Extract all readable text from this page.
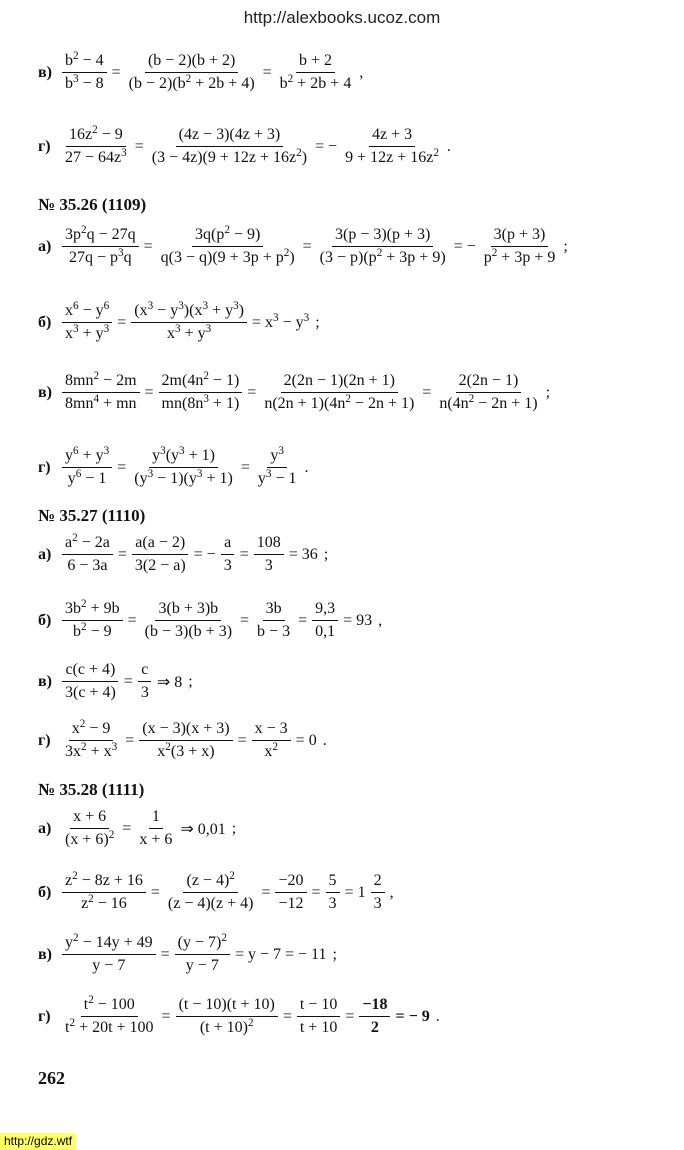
http://alexbooks.ucoz.com
$в) \frac{b^2 - 4}{b^3 - 8} = \frac{(b - 2)(b + 2)}{(b - 2)(b^2 + 2b + 4)} = \frac{b + 2}{b^2 + 2b + 4}$ ,
$г) \frac{16z^2 - 9}{27 - 64z^3} = \frac{(4z - 3)(4z + 3)}{(3 - 4z)(9 + 12z + 16z^2)}$ = − $\frac{4z + 3}{9 + 12z + 16z^2}$ .
№ 35.26 (1109)
$а) \frac{3p^2q - 27q}{27q - p^3q} = \frac{3q(p^2 - 9)}{q(3 - q)(9 + 3p + p^2)} = \frac{3(p - 3)(p + 3)}{(3 - p)(p^2 + 3p + 9)}$ = − $\frac{3(p + 3)}{p^2 + 3p + 9}$ ;
$б) \frac{x^6 - y^6}{x^3 + y^3} = \frac{(x^3 - y^3)(x^3 + y^3)}{x^3 + y^3} = x^3 - y^3$ ;
$в) \frac{8mn^2 - 2m}{8mn^4 + mn} = \frac{2m(4n^2 - 1)}{mn(8n^3 + 1)} = \frac{2(2n - 1)(2n + 1)}{n(2n + 1)(4n^2 - 2n + 1)} = \frac{2(2n - 1)}{n(4n^2 - 2n + 1)}$ ;
$г) \frac{y^6 + y^3}{y^6 - 1} = \frac{y^3(y^3 + 1)}{(y^3 - 1)(y^3 + 1)} = \frac{y^3}{y^3 - 1}$ .
№ 35.27 (1110)
$а) \frac{a^2 - 2a}{6 - 3a} = \frac{a(a - 2)}{3(2 - a)}$ = − $\frac{a}{3} = \frac{108}{3} = 36$ ;
$б) \frac{3b^2 + 9b}{b^2 - 9} = \frac{3(b + 3)b}{(b - 3)(b + 3)} = \frac{3b}{b - 3} = \frac{9,3}{0,1} = 93$ ,
$в) \frac{c(c + 4)}{3(c + 4)} = \frac{c}{3}$ ⇒ 8 ;
$г) \frac{x^2 - 9}{3x^2 + x^3} = \frac{(x - 3)(x + 3)}{x^2(3 + x)} = \frac{x - 3}{x^2} = 0$ .
№ 35.28 (1111)
$а) \frac{x + 6}{(x + 6)^2} = \frac{1}{x + 6}$ ⇒ 0,01 ;
$б) \frac{z^2 - 8z + 16}{z^2 - 16} = \frac{(z - 4)^2}{(z - 4)(z + 4)} = \frac{-20}{-12} = \frac{5}{3} = 1$
2
3
,
$в) \frac{y^2 - 14y + 49}{y - 7} = \frac{(y - 7)^2}{y - 7} = y - 7$ = − 11 ;
$г) \frac{t^2 - 100}{t^2 + 20t + 100} = \frac{(t - 10)(t + 10)}{(t + 10)^2} = \frac{t - 10}{t + 10} = \frac{-18}{2}$ = − 9 .
262
http://gdz.wtf
